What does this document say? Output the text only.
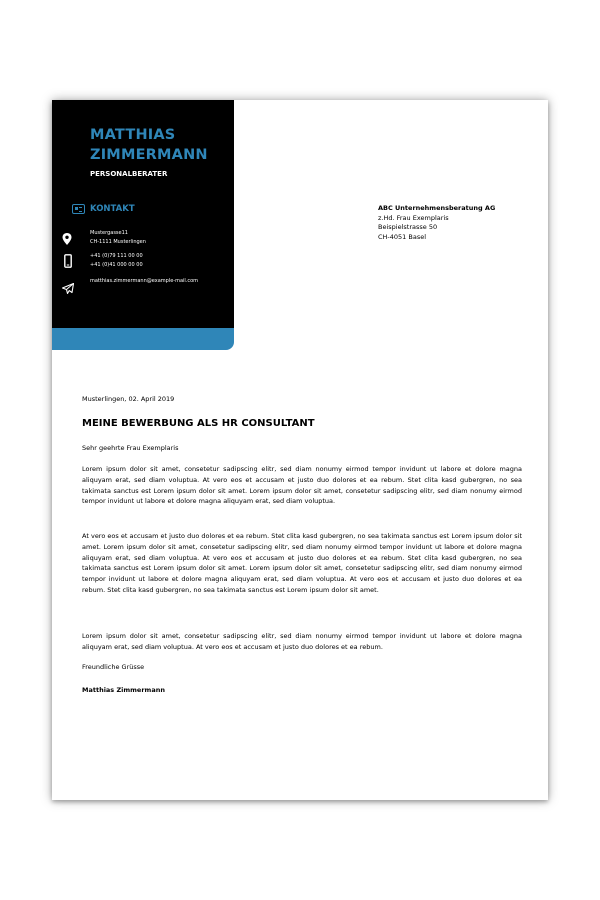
MATTHIAS
ZIMMERMANN
PERSONALBERATER
KONTAKT
Mustergasse11
CH-1111 Musterlingen
+41 (0)79 111 00 00
+41 (0)41 000 00 00
matthias.zimmermann@example-mail.com
ABC Unternehmensberatung AG
z.Hd. Frau Exemplaris
Beispielstrasse 50
CH-4051 Basel
Musterlingen, 02. April 2019
MEINE BEWERBUNG ALS HR CONSULTANT
Sehr geehrte Frau Exemplaris
Lorem ipsum dolor sit amet, consetetur sadipscing elitr, sed diam nonumy eirmod tempor invidunt ut labore et dolore magna aliquyam erat, sed diam voluptua. At vero eos et accusam et justo duo dolores et ea rebum. Stet clita kasd gubergren, no sea takimata sanctus est Lorem ipsum dolor sit amet. Lorem ipsum dolor sit amet, consetetur sadipscing elitr, sed diam nonumy eirmod tempor invidunt ut labore et dolore magna aliquyam erat, sed diam voluptua.
At vero eos et accusam et justo duo dolores et ea rebum. Stet clita kasd gubergren, no sea takimata sanctus est Lorem ipsum dolor sit amet. Lorem ipsum dolor sit amet, consetetur sadipscing elitr, sed diam nonumy eirmod tempor invidunt ut labore et dolore magna aliquyam erat, sed diam voluptua. At vero eos et accusam et justo duo dolores et ea rebum. Stet clita kasd gubergren, no sea takimata sanctus est Lorem ipsum dolor sit amet. Lorem ipsum dolor sit amet, consetetur sadipscing elitr, sed diam nonumy eirmod tempor invidunt ut labore et dolore magna aliquyam erat, sed diam voluptua. At vero eos et accusam et justo duo dolores et ea rebum. Stet clita kasd gubergren, no sea takimata sanctus est Lorem ipsum dolor sit amet.
Lorem ipsum dolor sit amet, consetetur sadipscing elitr, sed diam nonumy eirmod tempor invidunt ut labore et dolore magna aliquyam erat, sed diam voluptua. At vero eos et accusam et justo duo dolores et ea rebum.
Freundliche Grüsse
Matthias Zimmermann
